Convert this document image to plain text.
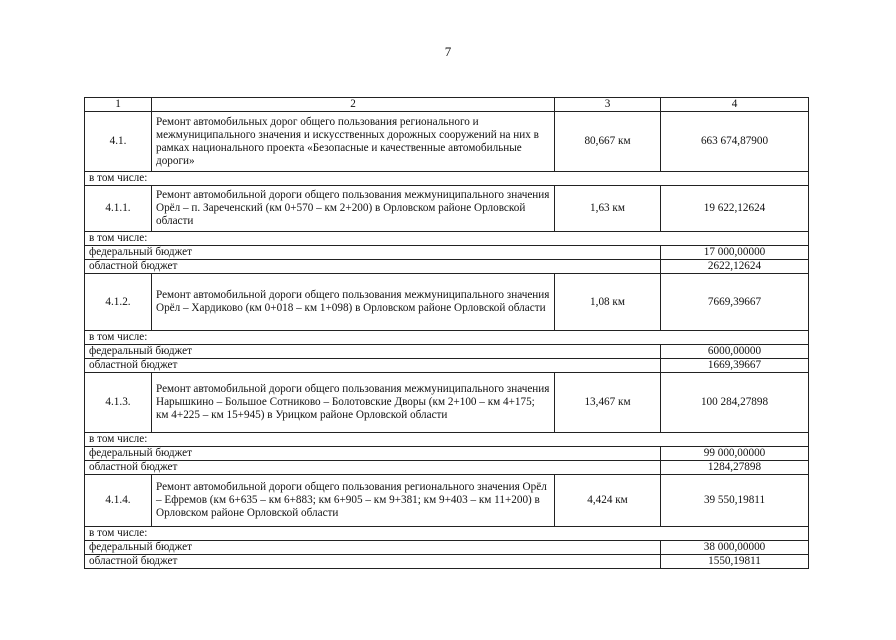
7
1	2	3	4
4.1.	Ремонт автомобильных дорог общего пользования регионального и межмуниципального значения и искусственных дорожных сооружений на них в рамках национального проекта «Безопасные и качественные автомобильные дороги»	80,667 км	663 674,87900
в том числе:			
4.1.1.	Ремонт автомобильной дороги общего пользования межмуниципального значения Орёл – п. Зареченский (км 0+570 – км 2+200) в Орловском районе Орловской области	1,63 км	19 622,12624
в том числе:			
федеральный бюджет			17 000,00000
областной бюджет			2622,12624
4.1.2.	Ремонт автомобильной дороги общего пользования межмуниципального значения Орёл – Хардиково (км 0+018 – км 1+098) в Орловском районе Орловской области	1,08 км	7669,39667
в том числе:			
федеральный бюджет			6000,00000
областной бюджет			1669,39667
4.1.3.	Ремонт автомобильной дороги общего пользования межмуниципального значения Нарышкино – Большое Сотниково – Болотовские Дворы (км 2+100 – км 4+175; км 4+225 – км 15+945) в Урицком районе Орловской области	13,467 км	100 284,27898
в том числе:			
федеральный бюджет			99 000,00000
областной бюджет			1284,27898
4.1.4.	Ремонт автомобильной дороги общего пользования регионального значения Орёл – Ефремов (км 6+635 – км 6+883; км 6+905 – км 9+381; км 9+403 – км 11+200) в Орловском районе Орловской области	4,424 км	39 550,19811
в том числе:			
федеральный бюджет			38 000,00000
областной бюджет			1550,19811
